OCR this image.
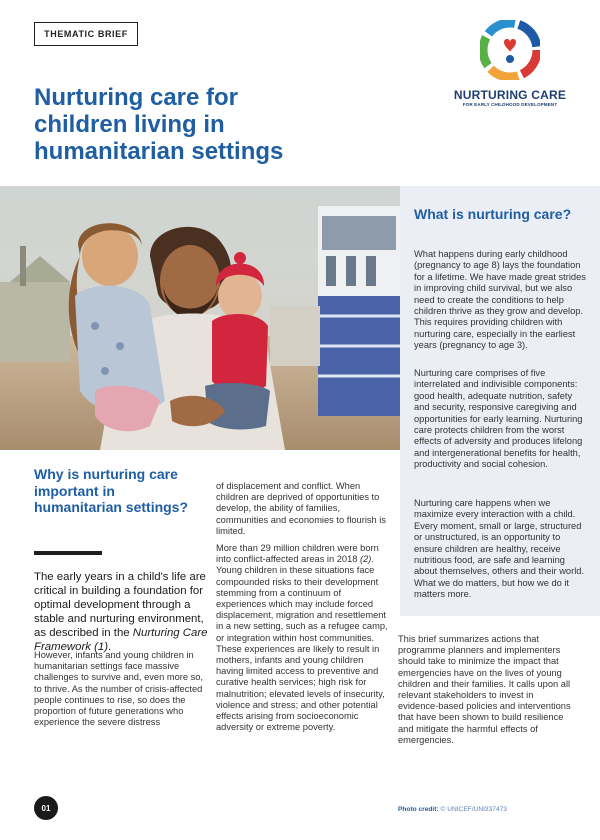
THEMATIC BRIEF
Nurturing care for children living in humanitarian settings
NURTURING CARE
FOR EARLY CHILDHOOD DEVELOPMENT
What is nurturing care?

What happens during early childhood (pregnancy to age 8) lays the foundation for a lifetime. We have made great strides in improving child survival, but we also need to create the conditions to help children thrive as they grow and develop. This requires providing children with nurturing care, especially in the earliest years (pregnancy to age 3).

Nurturing care comprises of five interrelated and indivisible components: good health, adequate nutrition, safety and security, responsive caregiving and opportunities for early learning. Nurturing care protects children from the worst effects of adversity and produces lifelong and intergenerational benefits for health, productivity and social cohesion.

Nurturing care happens when we maximize every interaction with a child. Every moment, small or large, structured or unstructured, is an opportunity to ensure children are healthy, receive nutritious food, are safe and learning about themselves, others and their world. What we do matters, but how we do it matters more.

Why is nurturing care important in humanitarian settings?

The early years in a child's life are critical in building a foundation for optimal development through a stable and nurturing environment, as described in the Nurturing Care Framework (1).

However, infants and young children in humanitarian settings face massive challenges to survive and, even more so, to thrive. As the number of crisis-affected people continues to rise, so does the proportion of future generations who experience the severe distress

of displacement and conflict. When children are deprived of opportunities to develop, the ability of families, communities and economies to flourish is limited.

More than 29 million children were born into conflict-affected areas in 2018 (2). Young children in these situations face compounded risks to their development stemming from a continuum of experiences which may include forced displacement, migration and resettlement in a new setting, such as a refugee camp, or integration within host communities. These experiences are likely to result in mothers, infants and young children having limited access to preventive and curative health services; high risk for malnutrition; elevated levels of insecurity, violence and stress; and other potential effects arising from socioeconomic adversity or extreme poverty.

This brief summarizes actions that programme planners and implementers should take to minimize the impact that emergencies have on the lives of young children and their families. It calls upon all relevant stakeholders to invest in evidence-based policies and interventions that have been shown to build resilience and mitigate the harmful effects of emergencies.

01	Photo credit: © UNICEF/UNI337473
